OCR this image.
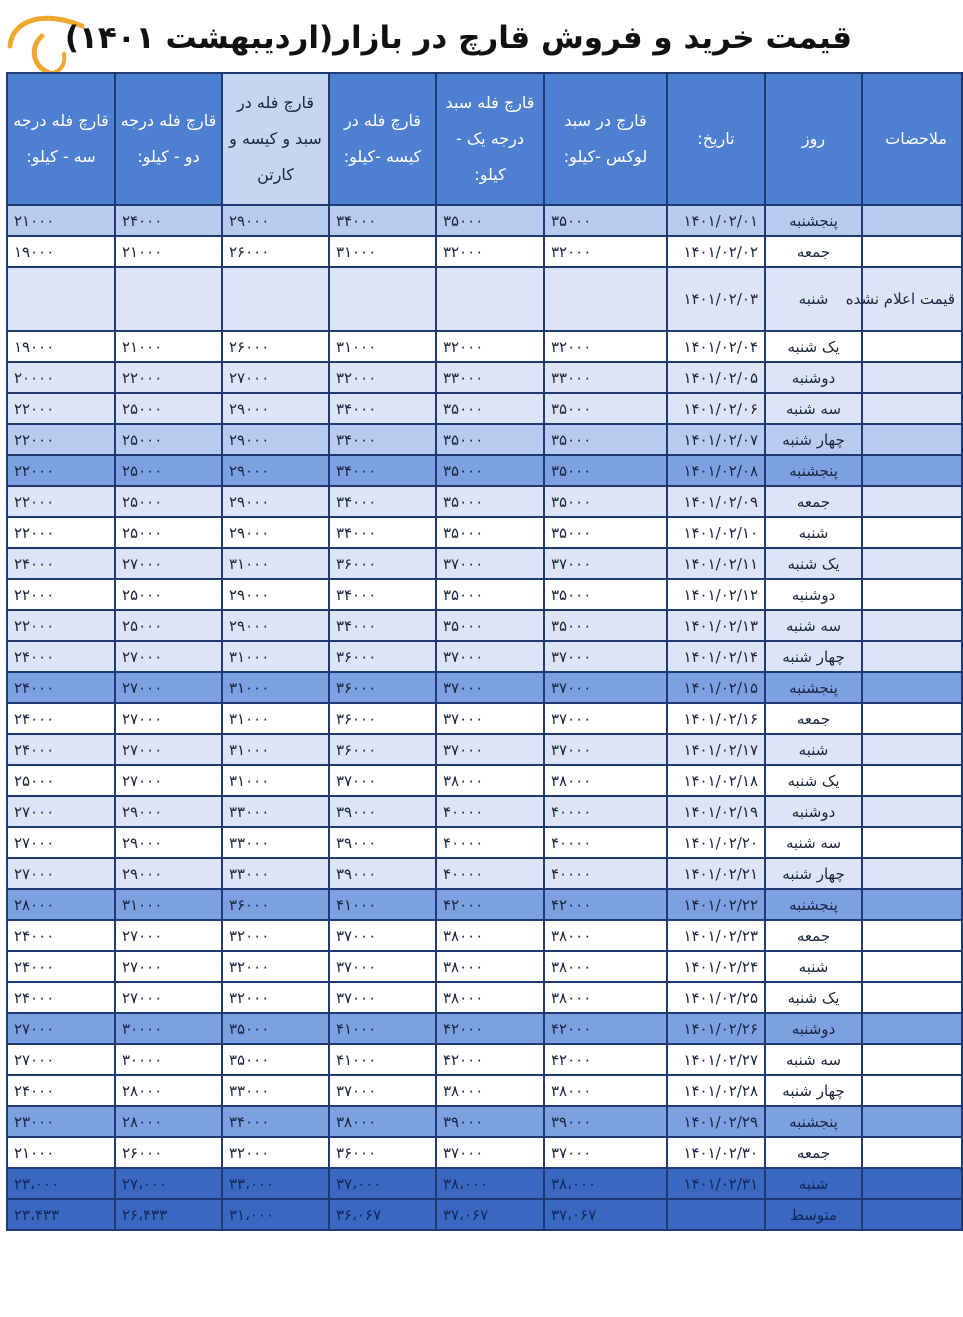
قیمت خرید و فروش قارچ در بازار(اردیبهشت ۱۴۰۱)
ملاحضات	روز	تاریخ:	قارچ در سبد لوکس -کیلو:	قارچ فله سبد درجه یک - کیلو:	قارچ فله در کیسه -کیلو:	قارچ فله در سبد و کیسه و کارتن	قارچ فله درجه دو - کیلو:	قارچ فله درجه سه - کیلو:
	پنجشنبه	۱۴۰۱/۰۲/۰۱	۳۵۰۰۰	۳۵۰۰۰	۳۴۰۰۰	۲۹۰۰۰	۲۴۰۰۰	۲۱۰۰۰
	جمعه	۱۴۰۱/۰۲/۰۲	۳۲۰۰۰	۳۲۰۰۰	۳۱۰۰۰	۲۶۰۰۰	۲۱۰۰۰	۱۹۰۰۰
قیمت اعلام نشده	شنبه	۱۴۰۱/۰۲/۰۳						
	یک شنبه	۱۴۰۱/۰۲/۰۴	۳۲۰۰۰	۳۲۰۰۰	۳۱۰۰۰	۲۶۰۰۰	۲۱۰۰۰	۱۹۰۰۰
	دوشنبه	۱۴۰۱/۰۲/۰۵	۳۳۰۰۰	۳۳۰۰۰	۳۲۰۰۰	۲۷۰۰۰	۲۲۰۰۰	۲۰۰۰۰
	سه شنبه	۱۴۰۱/۰۲/۰۶	۳۵۰۰۰	۳۵۰۰۰	۳۴۰۰۰	۲۹۰۰۰	۲۵۰۰۰	۲۲۰۰۰
	چهار شنبه	۱۴۰۱/۰۲/۰۷	۳۵۰۰۰	۳۵۰۰۰	۳۴۰۰۰	۲۹۰۰۰	۲۵۰۰۰	۲۲۰۰۰
	پنجشنبه	۱۴۰۱/۰۲/۰۸	۳۵۰۰۰	۳۵۰۰۰	۳۴۰۰۰	۲۹۰۰۰	۲۵۰۰۰	۲۲۰۰۰
	جمعه	۱۴۰۱/۰۲/۰۹	۳۵۰۰۰	۳۵۰۰۰	۳۴۰۰۰	۲۹۰۰۰	۲۵۰۰۰	۲۲۰۰۰
	شنبه	۱۴۰۱/۰۲/۱۰	۳۵۰۰۰	۳۵۰۰۰	۳۴۰۰۰	۲۹۰۰۰	۲۵۰۰۰	۲۲۰۰۰
	یک شنبه	۱۴۰۱/۰۲/۱۱	۳۷۰۰۰	۳۷۰۰۰	۳۶۰۰۰	۳۱۰۰۰	۲۷۰۰۰	۲۴۰۰۰
	دوشنبه	۱۴۰۱/۰۲/۱۲	۳۵۰۰۰	۳۵۰۰۰	۳۴۰۰۰	۲۹۰۰۰	۲۵۰۰۰	۲۲۰۰۰
	سه شنبه	۱۴۰۱/۰۲/۱۳	۳۵۰۰۰	۳۵۰۰۰	۳۴۰۰۰	۲۹۰۰۰	۲۵۰۰۰	۲۲۰۰۰
	چهار شنبه	۱۴۰۱/۰۲/۱۴	۳۷۰۰۰	۳۷۰۰۰	۳۶۰۰۰	۳۱۰۰۰	۲۷۰۰۰	۲۴۰۰۰
	پنجشنبه	۱۴۰۱/۰۲/۱۵	۳۷۰۰۰	۳۷۰۰۰	۳۶۰۰۰	۳۱۰۰۰	۲۷۰۰۰	۲۴۰۰۰
	جمعه	۱۴۰۱/۰۲/۱۶	۳۷۰۰۰	۳۷۰۰۰	۳۶۰۰۰	۳۱۰۰۰	۲۷۰۰۰	۲۴۰۰۰
	شنبه	۱۴۰۱/۰۲/۱۷	۳۷۰۰۰	۳۷۰۰۰	۳۶۰۰۰	۳۱۰۰۰	۲۷۰۰۰	۲۴۰۰۰
	یک شنبه	۱۴۰۱/۰۲/۱۸	۳۸۰۰۰	۳۸۰۰۰	۳۷۰۰۰	۳۱۰۰۰	۲۷۰۰۰	۲۵۰۰۰
	دوشنبه	۱۴۰۱/۰۲/۱۹	۴۰۰۰۰	۴۰۰۰۰	۳۹۰۰۰	۳۳۰۰۰	۲۹۰۰۰	۲۷۰۰۰
	سه شنبه	۱۴۰۱/۰۲/۲۰	۴۰۰۰۰	۴۰۰۰۰	۳۹۰۰۰	۳۳۰۰۰	۲۹۰۰۰	۲۷۰۰۰
	چهار شنبه	۱۴۰۱/۰۲/۲۱	۴۰۰۰۰	۴۰۰۰۰	۳۹۰۰۰	۳۳۰۰۰	۲۹۰۰۰	۲۷۰۰۰
	پنجشنبه	۱۴۰۱/۰۲/۲۲	۴۲۰۰۰	۴۲۰۰۰	۴۱۰۰۰	۳۶۰۰۰	۳۱۰۰۰	۲۸۰۰۰
	جمعه	۱۴۰۱/۰۲/۲۳	۳۸۰۰۰	۳۸۰۰۰	۳۷۰۰۰	۳۲۰۰۰	۲۷۰۰۰	۲۴۰۰۰
	شنبه	۱۴۰۱/۰۲/۲۴	۳۸۰۰۰	۳۸۰۰۰	۳۷۰۰۰	۳۲۰۰۰	۲۷۰۰۰	۲۴۰۰۰
	یک شنبه	۱۴۰۱/۰۲/۲۵	۳۸۰۰۰	۳۸۰۰۰	۳۷۰۰۰	۳۲۰۰۰	۲۷۰۰۰	۲۴۰۰۰
	دوشنبه	۱۴۰۱/۰۲/۲۶	۴۲۰۰۰	۴۲۰۰۰	۴۱۰۰۰	۳۵۰۰۰	۳۰۰۰۰	۲۷۰۰۰
	سه شنبه	۱۴۰۱/۰۲/۲۷	۴۲۰۰۰	۴۲۰۰۰	۴۱۰۰۰	۳۵۰۰۰	۳۰۰۰۰	۲۷۰۰۰
	چهار شنبه	۱۴۰۱/۰۲/۲۸	۳۸۰۰۰	۳۸۰۰۰	۳۷۰۰۰	۳۳۰۰۰	۲۸۰۰۰	۲۴۰۰۰
	پنجشنبه	۱۴۰۱/۰۲/۲۹	۳۹۰۰۰	۳۹۰۰۰	۳۸۰۰۰	۳۴۰۰۰	۲۸۰۰۰	۲۳۰۰۰
	جمعه	۱۴۰۱/۰۲/۳۰	۳۷۰۰۰	۳۷۰۰۰	۳۶۰۰۰	۳۲۰۰۰	۲۶۰۰۰	۲۱۰۰۰
	شنبه	۱۴۰۱/۰۲/۳۱	۳۸،۰۰۰	۳۸،۰۰۰	۳۷،۰۰۰	۳۳،۰۰۰	۲۷،۰۰۰	۲۳،۰۰۰
	متوسط		۳۷،۰۶۷	۳۷،۰۶۷	۳۶،۰۶۷	۳۱،۰۰۰	۲۶،۴۳۳	۲۳،۴۳۳
